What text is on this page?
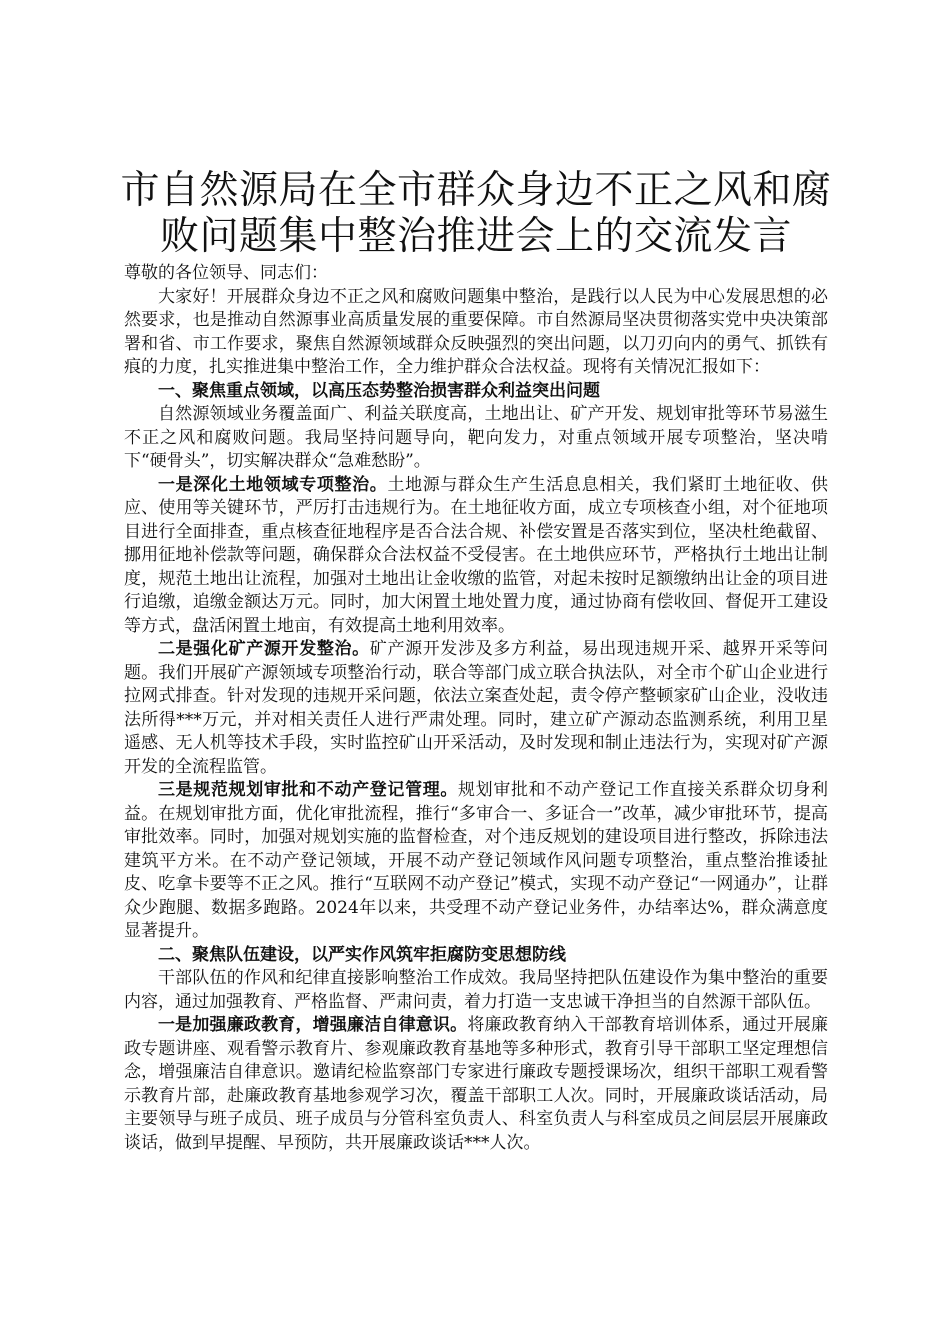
市自然源局在全市群众身边不正之风和腐败问题集中整治推进会上的交流发言

尊敬的各位领导、同志们：

大家好！开展群众身边不正之风和腐败问题集中整治，是践行以人民为中心发展思想的必然要求，也是推动自然源事业高质量发展的重要保障。市自然源局坚决贯彻落实党中央决策部署和省、市工作要求，聚焦自然源领域群众反映强烈的突出问题，以刀刃向内的勇气、抓铁有痕的力度，扎实推进集中整治工作，全力维护群众合法权益。现将有关情况汇报如下：

一、聚焦重点领域，以高压态势整治损害群众利益突出问题

自然源领域业务覆盖面广、利益关联度高，土地出让、矿产开发、规划审批等环节易滋生不正之风和腐败问题。我局坚持问题导向，靶向发力，对重点领域开展专项整治，坚决啃下“硬骨头”，切实解决群众“急难愁盼”。

一是深化土地领域专项整治。土地源与群众生产生活息息相关，我们紧盯土地征收、供应、使用等关键环节，严厉打击违规行为。在土地征收方面，成立专项核查小组，对个征地项目进行全面排查，重点核查征地程序是否合法合规、补偿安置是否落实到位，坚决杜绝截留、挪用征地补偿款等问题，确保群众合法权益不受侵害。在土地供应环节，严格执行土地出让制度，规范土地出让流程，加强对土地出让金收缴的监管，对起未按时足额缴纳出让金的项目进行追缴，追缴金额达万元。同时，加大闲置土地处置力度，通过协商有偿收回、督促开工建设等方式，盘活闲置土地亩，有效提高土地利用效率。

二是强化矿产源开发整治。矿产源开发涉及多方利益，易出现违规开采、越界开采等问题。我们开展矿产源领域专项整治行动，联合等部门成立联合执法队，对全市个矿山企业进行拉网式排查。针对发现的违规开采问题，依法立案查处起，责令停产整顿家矿山企业，没收违法所得***万元，并对相关责任人进行严肃处理。同时，建立矿产源动态监测系统，利用卫星遥感、无人机等技术手段，实时监控矿山开采活动，及时发现和制止违法行为，实现对矿产源开发的全流程监管。

三是规范规划审批和不动产登记管理。规划审批和不动产登记工作直接关系群众切身利益。在规划审批方面，优化审批流程，推行“多审合一、多证合一”改革，减少审批环节，提高审批效率。同时，加强对规划实施的监督检查，对个违反规划的建设项目进行整改，拆除违法建筑平方米。在不动产登记领域，开展不动产登记领域作风问题专项整治，重点整治推诿扯皮、吃拿卡要等不正之风。推行“互联网不动产登记”模式，实现不动产登记“一网通办”，让群众少跑腿、数据多跑路。2024年以来，共受理不动产登记业务件，办结率达%，群众满意度显著提升。

二、聚焦队伍建设，以严实作风筑牢拒腐防变思想防线

干部队伍的作风和纪律直接影响整治工作成效。我局坚持把队伍建设作为集中整治的重要内容，通过加强教育、严格监督、严肃问责，着力打造一支忠诚干净担当的自然源干部队伍。

一是加强廉政教育，增强廉洁自律意识。将廉政教育纳入干部教育培训体系，通过开展廉政专题讲座、观看警示教育片、参观廉政教育基地等多种形式，教育引导干部职工坚定理想信念，增强廉洁自律意识。邀请纪检监察部门专家进行廉政专题授课场次，组织干部职工观看警示教育片部，赴廉政教育基地参观学习次，覆盖干部职工人次。同时，开展廉政谈话活动，局主要领导与班子成员、班子成员与分管科室负责人、科室负责人与科室成员之间层层开展廉政谈话，做到早提醒、早预防，共开展廉政谈话***人次。
